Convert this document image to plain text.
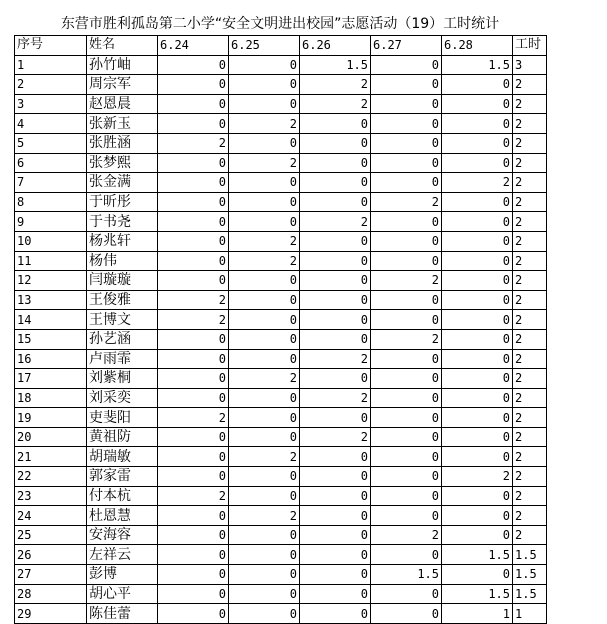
东营市胜利孤岛第二小学“安全文明进出校园”志愿活动（19）工时统计
序号	姓名	6.24	6.25	6.26	6.27	6.28	工时
1	孙竹岫	0	0	1.5	0	1.5	3
2	周宗军	0	0	2	0	0	2
3	赵恩晨	0	0	2	0	0	2
4	张新玉	0	2	0	0	0	2
5	张胜涵	2	0	0	0	0	2
6	张梦熙	0	2	0	0	0	2
7	张金满	0	0	0	0	2	2
8	于昕彤	0	0	0	2	0	2
9	于书尧	0	0	2	0	0	2
10	杨兆轩	0	2	0	0	0	2
11	杨伟	0	2	0	0	0	2
12	闫璇璇	0	0	0	2	0	2
13	王俊雅	2	0	0	0	0	2
14	王博文	2	0	0	0	0	2
15	孙艺涵	0	0	0	2	0	2
16	卢雨霏	0	0	2	0	0	2
17	刘紫桐	0	2	0	0	0	2
18	刘采奕	0	0	2	0	0	2
19	吏斐阳	2	0	0	0	0	2
20	黄祖防	0	0	2	0	0	2
21	胡瑞敏	0	2	0	0	0	2
22	郭家雷	0	0	0	0	2	2
23	付本杭	2	0	0	0	0	2
24	杜恩慧	0	2	0	0	0	2
25	安海容	0	0	0	2	0	2
26	左祥云	0	0	0	0	1.5	1.5
27	彭博	0	0	0	1.5	0	1.5
28	胡心平	0	0	0	0	1.5	1.5
29	陈佳蕾	0	0	0	0	1	1
